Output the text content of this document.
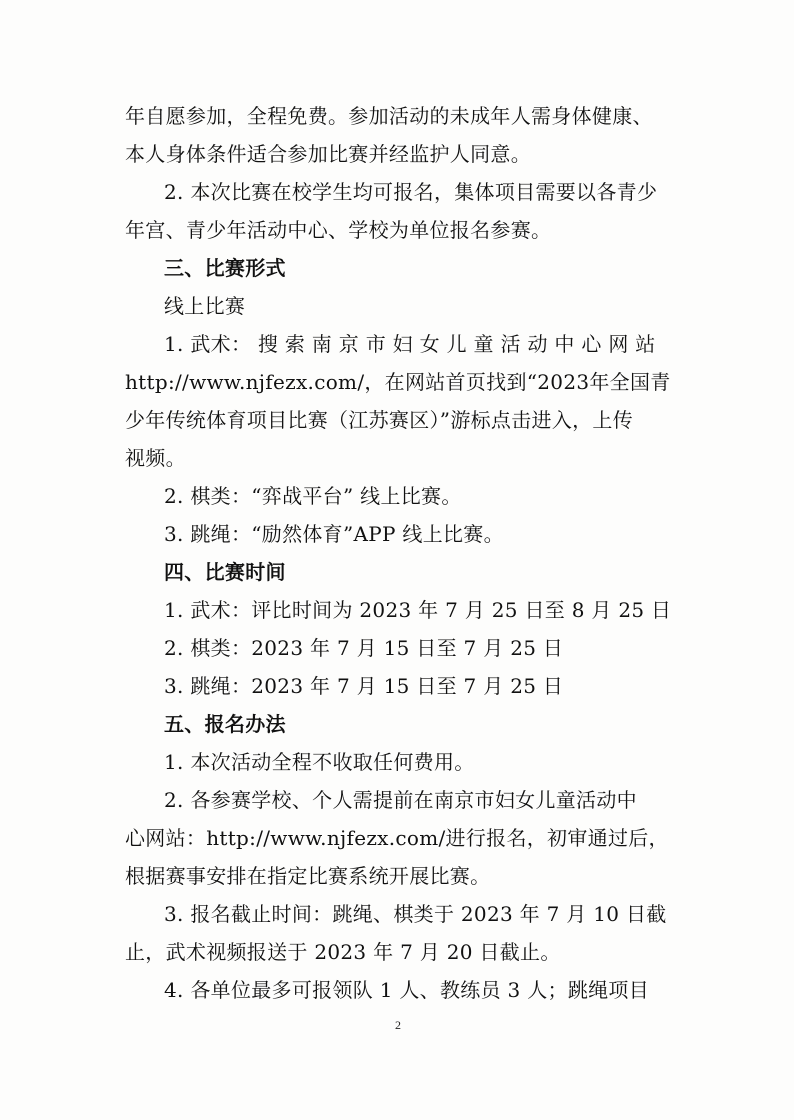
年自愿参加，全程免费。参加活动的未成年人需身体健康、
本人身体条件适合参加比赛并经监护人同意。
2. 本次比赛在校学生均可报名，集体项目需要以各青少
年宫、青少年活动中心、学校为单位报名参赛。
三、比赛形式
线上比赛
1. 武术： 搜 索 南 京 市 妇 女 儿 童 活 动 中 心 网 站
http://www.njfezx.com/，在网站首页找到“2023年全国青
少年传统体育项目比赛（江苏赛区）”游标点击进入，上传
视频。
2. 棋类：“弈战平台” 线上比赛。
3. 跳绳：“励然体育”APP 线上比赛。
四、比赛时间
1. 武术：评比时间为 2023 年 7 月 25 日至 8 月 25 日
2. 棋类：2023 年 7 月 15 日至 7 月 25 日
3. 跳绳：2023 年 7 月 15 日至 7 月 25 日
五、报名办法
1. 本次活动全程不收取任何费用。
2. 各参赛学校、个人需提前在南京市妇女儿童活动中
心网站：http://www.njfezx.com/进行报名，初审通过后，
根据赛事安排在指定比赛系统开展比赛。
3. 报名截止时间：跳绳、棋类于 2023 年 7 月 10 日截
止，武术视频报送于 2023 年 7 月 20 日截止。
4. 各单位最多可报领队 1 人、教练员 3 人；跳绳项目
2
